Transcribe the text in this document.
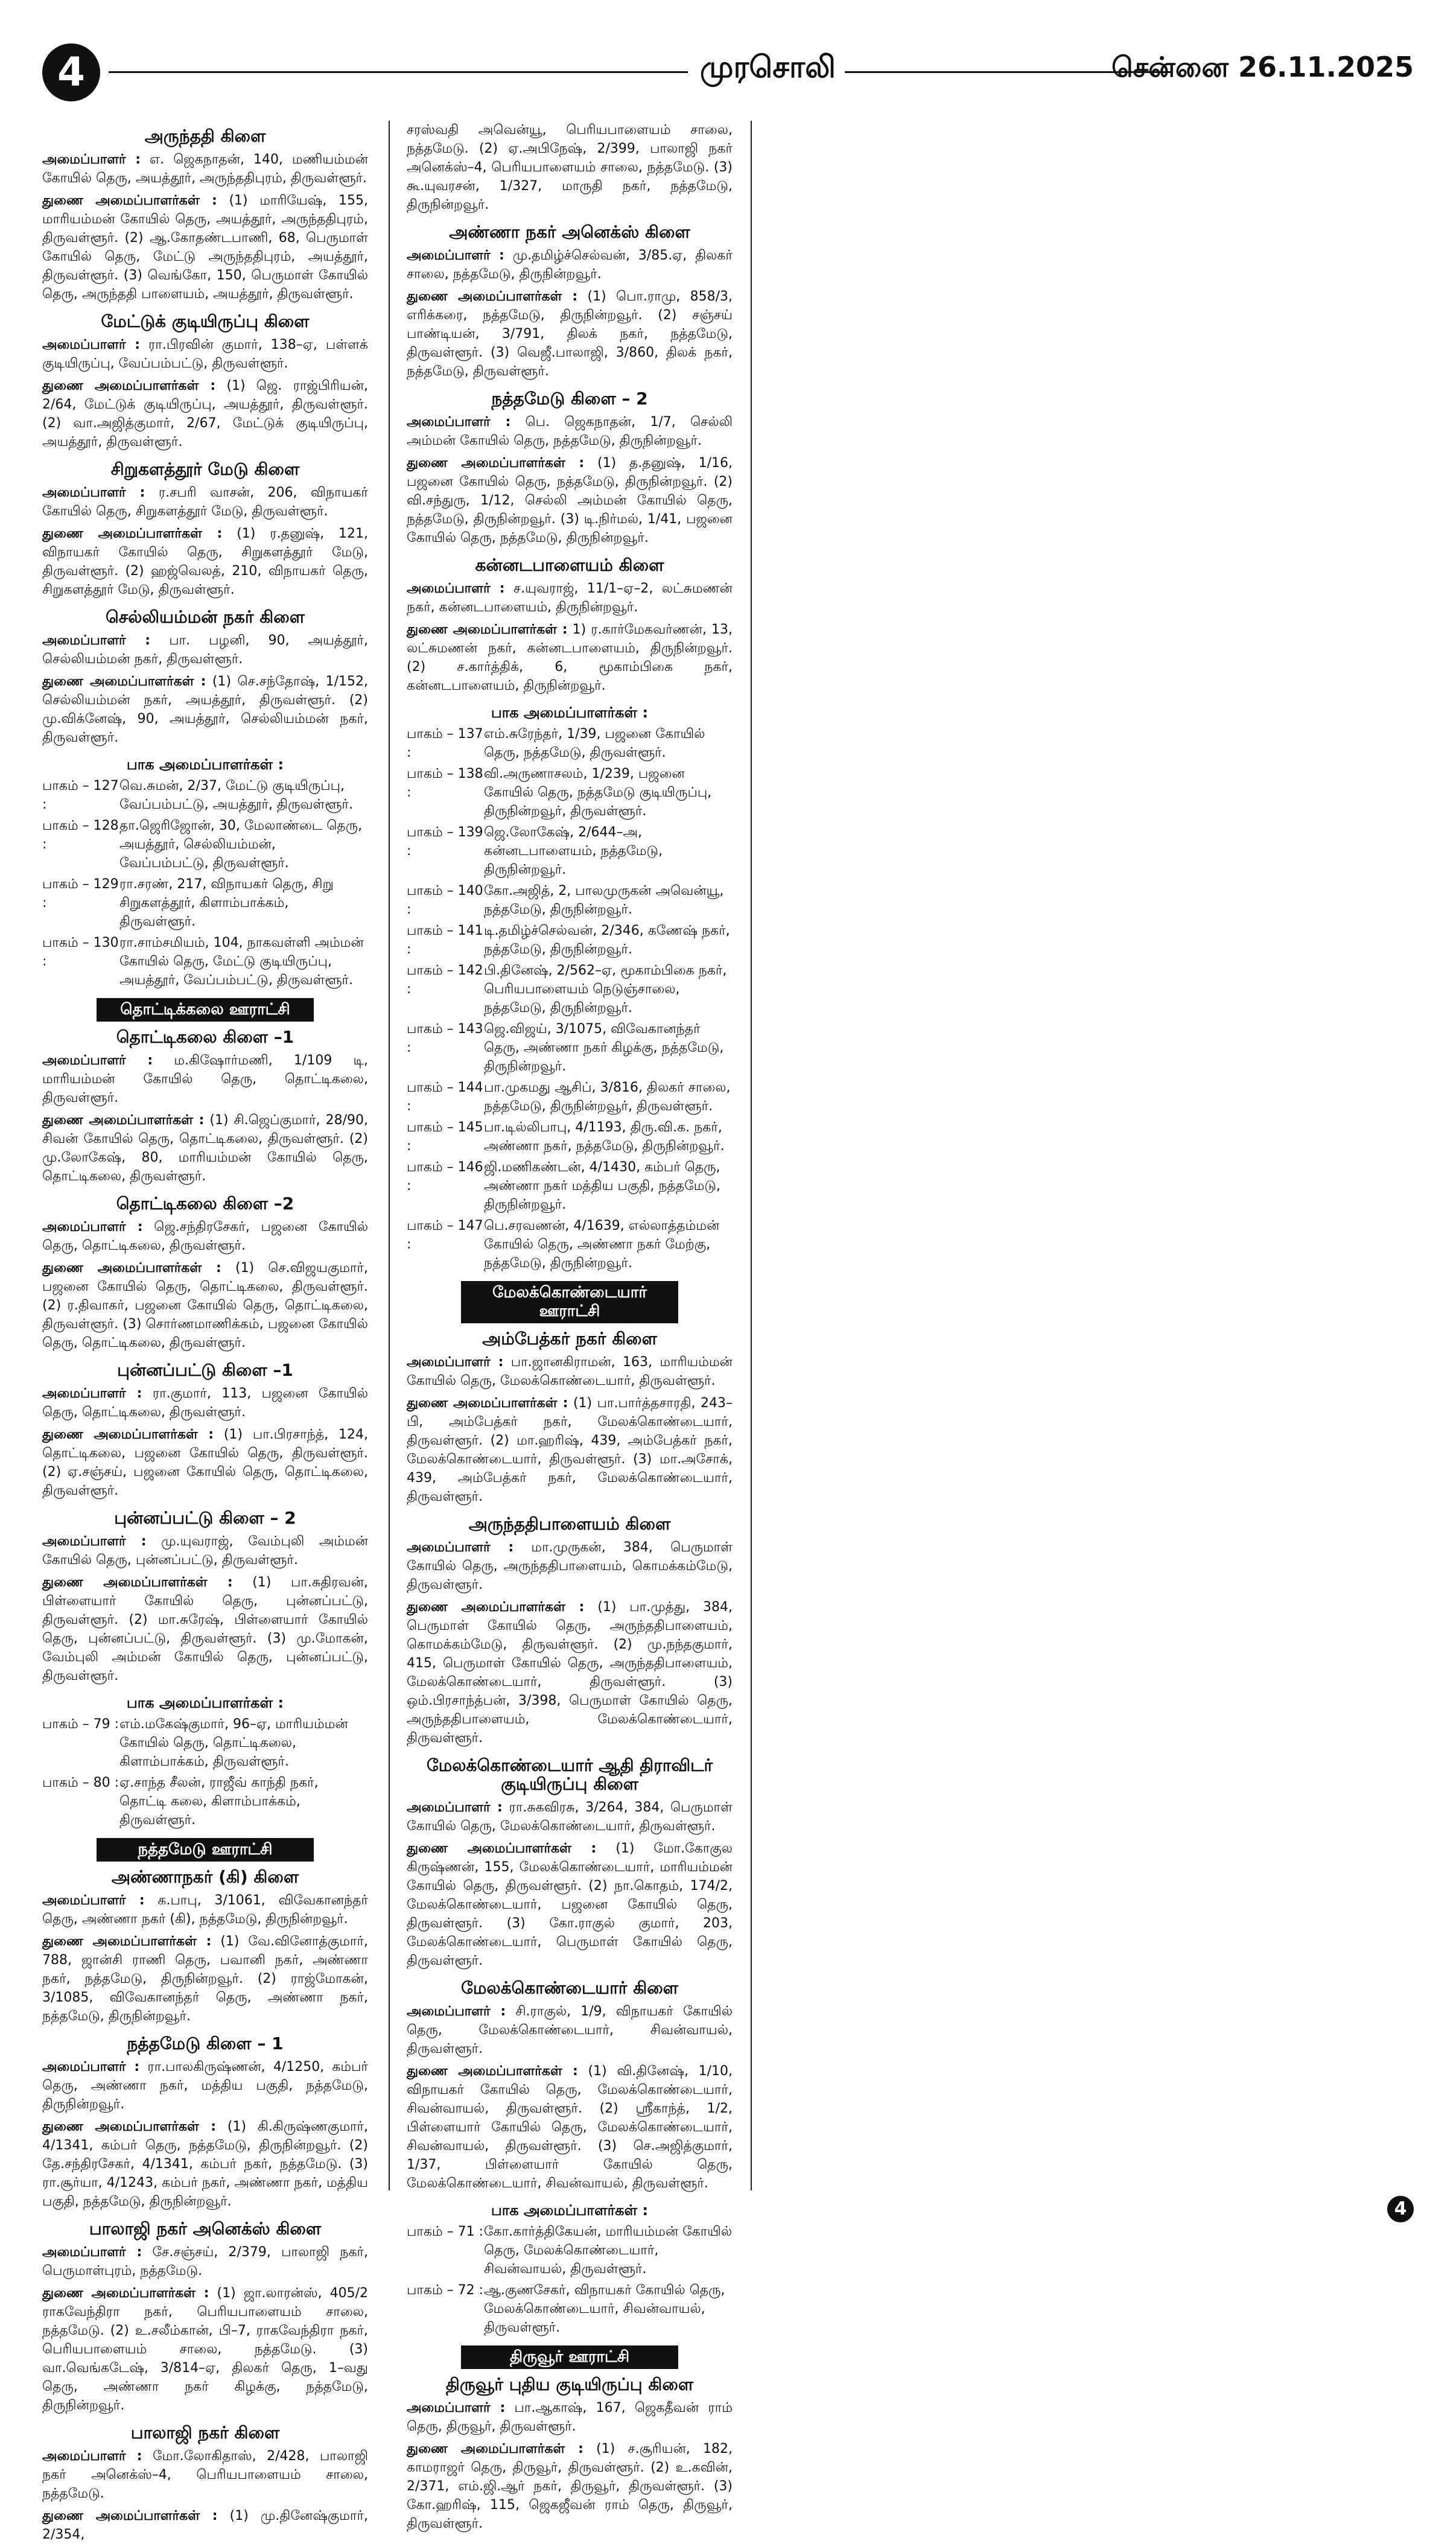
4	முரசொலி	சென்னை 26.11.2025
அருந்ததி கிளை
அமைப்பாளர் : எ. ஜெகநாதன், 140, மணியம்மன் கோயில் தெரு, அயத்தூர், அருந்ததிபுரம், திருவள்ளூர்.
துணை அமைப்பாளர்கள் : (1) மாரியேஷ், 155, மாரியம்மன் கோயில் தெரு, அயத்தூர், அருந்ததிபுரம், திருவள்ளூர். (2) ஆ.கோதண்டபாணி, 68, பெருமாள் கோயில் தெரு, மேட்டு அருந்ததிபுரம், அயத்தூர், திருவள்ளூர். (3) வெங்கோ, 150, பெருமாள் கோயில் தெரு, அருந்ததி பாளையம், அயத்தூர், திருவள்ளூர்.
மேட்டுக் குடியிருப்பு கிளை
அமைப்பாளர் : ரா.பிரவின் குமார், 138–ஏ, பள்ளக் குடியிருப்பு, வேப்பம்பட்டு, திருவள்ளூர்.
துணை அமைப்பாளர்கள் : (1) ஜெ. ராஜ்பிரியன், 2/64, மேட்டுக் குடியிருப்பு, அயத்தூர், திருவள்ளூர். (2) வா.அஜித்குமார், 2/67, மேட்டுக் குடியிருப்பு, அயத்தூர், திருவள்ளூர்.
சிறுகளத்தூர் மேடு கிளை
அமைப்பாளர் : ர.சபரி வாசன், 206, விநாயகர் கோயில் தெரு, சிறுகளத்தூர் மேடு, திருவள்ளூர்.
துணை அமைப்பாளர்கள் : (1) ர.தனுஷ், 121, விநாயகர் கோயில் தெரு, சிறுகளத்தூர் மேடு, திருவள்ளூர். (2) ஹஜ்வெலத், 210, விநாயகர் தெரு, சிறுகளத்தூர் மேடு, திருவள்ளூர்.
செல்லியம்மன் நகர் கிளை
அமைப்பாளர் : பா. பழனி, 90, அயத்தூர், செல்லியம்மன் நகர், திருவள்ளூர்.
துணை அமைப்பாளர்கள் : (1) செ.சந்தோஷ், 1/152, செல்லியம்மன் நகர், அயத்தூர், திருவள்ளூர். (2) மு.விக்னேஷ், 90, அயத்தூர், செல்லியம்மன் நகர், திருவள்ளூர்.
பாக அமைப்பாளர்கள் :
பாகம் – 127 :
வெ.சுமன், 2/37, மேட்டு குடியிருப்பு, வேப்பம்பட்டு, அயத்தூர், திருவள்ளூர்.
பாகம் – 128 :
தா.ஜெரிஜோன், 30, மேலாண்டை தெரு, அயத்தூர், செல்லியம்மன், வேப்பம்பட்டு, திருவள்ளூர்.
பாகம் – 129 :
ரா.சரண், 217, விநாயகர் தெரு, சிறு சிறுகளத்தூர், கிளாம்பாக்கம், திருவள்ளூர்.
பாகம் – 130 :
ரா.சாம்சமியம், 104, நாகவள்ளி அம்மன் கோயில் தெரு, மேட்டு குடியிருப்பு, அயத்தூர், வேப்பம்பட்டு, திருவள்ளூர்.
தொட்டிக்கலை ஊராட்சி
தொட்டிகலை கிளை –1
அமைப்பாளர் : ம.கிஷோர்மணி, 1/109 டி, மாரியம்மன் கோயில் தெரு, தொட்டிகலை, திருவள்ளூர்.
துணை அமைப்பாளர்கள் : (1) சி.ஜெப்குமார், 28/90, சிவன் கோயில் தெரு, தொட்டிகலை, திருவள்ளூர். (2) மு.லோகேஷ், 80, மாரியம்மன் கோயில் தெரு, தொட்டிகலை, திருவள்ளூர்.
தொட்டிகலை கிளை –2
அமைப்பாளர் : ஜெ.சந்திரசேகர், பஜனை கோயில் தெரு, தொட்டிகலை, திருவள்ளூர்.
துணை அமைப்பாளர்கள் : (1) செ.விஜயகுமார், பஜனை கோயில் தெரு, தொட்டிகலை, திருவள்ளூர். (2) ர.திவாகர், பஜனை கோயில் தெரு, தொட்டிகலை, திருவள்ளூர். (3) சொர்ணமாணிக்கம், பஜனை கோயில் தெரு, தொட்டிகலை, திருவள்ளூர்.
புன்னப்பட்டு கிளை –1
அமைப்பாளர் : ரா.குமார், 113, பஜனை கோயில் தெரு, தொட்டிகலை, திருவள்ளூர்.
துணை அமைப்பாளர்கள் : (1) பா.பிரசாந்த், 124, தொட்டிகலை, பஜனை கோயில் தெரு, திருவள்ளூர். (2) ஏ.சஞ்சய், பஜனை கோயில் தெரு, தொட்டிகலை, திருவள்ளூர்.
புன்னப்பட்டு கிளை – 2
அமைப்பாளர் : மு.யுவராஜ், வேம்புலி அம்மன் கோயில் தெரு, புன்னப்பட்டு, திருவள்ளூர்.
துணை அமைப்பாளர்கள் : (1) பா.சுதிரவன், பிள்ளையார் கோயில் தெரு, புன்னப்பட்டு, திருவள்ளூர். (2) மா.சுரேஷ், பிள்ளையார் கோயில் தெரு, புன்னப்பட்டு, திருவள்ளூர். (3) மு.மோகன், வேம்புலி அம்மன் கோயில் தெரு, புன்னப்பட்டு, திருவள்ளூர்.
பாக அமைப்பாளர்கள் :
பாகம் – 79 : எம்.மகேஷ்குமார், 96–ஏ, மாரியம்மன் கோயில் தெரு, தொட்டிகலை, கிளாம்பாக்கம், திருவள்ளூர்.
பாகம் – 80 : ஏ.சாந்த சீலன், ராஜீவ் காந்தி நகர், தொட்டி கலை, கிளாம்பாக்கம், திருவள்ளூர்.
நத்தமேடு ஊராட்சி
அண்ணாநகர் (கி) கிளை
அமைப்பாளர் : க.பாபு, 3/1061, விவேகானந்தர் தெரு, அண்ணா நகர் (கி), நத்தமேடு, திருநின்றவூர்.
துணை அமைப்பாளர்கள் : (1) வே.வினோத்குமார், 788, ஜான்சி ராணி தெரு, பவானி நகர், அண்ணா நகர், நத்தமேடு, திருநின்றவூர். (2) ராஜ்மோகன், 3/1085, விவேகானந்தர் தெரு, அண்ணா நகர், நத்தமேடு, திருநின்றவூர்.
நத்தமேடு கிளை – 1
அமைப்பாளர் : ரா.பாலகிருஷ்ணன், 4/1250, கம்பர் தெரு, அண்ணா நகர், மத்திய பகுதி, நத்தமேடு, திருநின்றவூர்.
துணை அமைப்பாளர்கள் : (1) கி.கிருஷ்ணகுமார், 4/1341, கம்பர் தெரு, நத்தமேடு, திருநின்றவூர். (2) தே.சந்திரசேகர், 4/1341, கம்பர் நகர், நத்தமேடு. (3) ரா.சூர்யா, 4/1243, கம்பர் நகர், அண்ணா நகர், மத்திய பகுதி, நத்தமேடு, திருநின்றவூர்.
பாலாஜி நகர் அனெக்ஸ் கிளை
அமைப்பாளர் : சே.சஞ்சய், 2/379, பாலாஜி நகர், பெருமாள்புரம், நத்தமேடு.
துணை அமைப்பாளர்கள் : (1) ஜா.லாரன்ஸ், 405/2 ராகவேந்திரா நகர், பெரியபாளையம் சாலை, நத்தமேடு. (2) உ.சலீம்கான், பி–7, ராகவேந்திரா நகர், பெரியபாளையம் சாலை, நத்தமேடு. (3) வா.வெங்கடேஷ், 3/814–ஏ, திலகர் தெரு, 1–வது தெரு, அண்ணா நகர் கிழக்கு, நத்தமேடு, திருநின்றவூர்.
பாலாஜி நகர் கிளை
அமைப்பாளர் : மோ.லோகிதாஸ், 2/428, பாலாஜி நகர் அனெக்ஸ்–4, பெரியபாளையம் சாலை, நத்தமேடு.
துணை அமைப்பாளர்கள் : (1) மு.தினேஷ்குமார், 2/354,
சரஸ்வதி அவென்யூ, பெரியபாளையம் சாலை, நத்தமேடு. (2) ஏ.அபிநேஷ், 2/399, பாலாஜி நகர் அனெக்ஸ்–4, பெரியபாளையம் சாலை, நத்தமேடு. (3) கூ.யுவரசன், 1/327, மாருதி நகர், நத்தமேடு, திருநின்றவூர்.
அண்ணா நகர் அனெக்ஸ் கிளை
அமைப்பாளர் : மு.தமிழ்ச்செல்வன், 3/85.ஏ, திலகர் சாலை, நத்தமேடு, திருநின்றவூர்.
துணை அமைப்பாளர்கள் : (1) பொ.ராமு, 858/3, எரிக்கரை, நத்தமேடு, திருநின்றவூர். (2) சஞ்சய் பாண்டியன், 3/791, திலக் நகர், நத்தமேடு, திருவள்ளூர். (3) வெஜீ.பாலாஜி, 3/860, திலக் நகர், நத்தமேடு, திருவள்ளூர்.
நத்தமேடு கிளை – 2
அமைப்பாளர் : பெ. ஜெகநாதன், 1/7, செல்லி அம்மன் கோயில் தெரு, நத்தமேடு, திருநின்றவூர்.
துணை அமைப்பாளர்கள் : (1) த.தனுஷ், 1/16, பஜனை கோயில் தெரு, நத்தமேடு, திருநின்றவூர். (2) வி.சந்துரு, 1/12, செல்லி அம்மன் கோயில் தெரு, நத்தமேடு, திருநின்றவூர். (3) டி.நிர்மல், 1/41, பஜனை கோயில் தெரு, நத்தமேடு, திருநின்றவூர்.
கன்னடபாளையம் கிளை
அமைப்பாளர் : ச.யுவராஜ், 11/1–ஏ–2, லட்சுமணன் நகர், கன்னடபாளையம், திருநின்றவூர்.
துணை அமைப்பாளர்கள் : 1) ர.கார்மேகவர்ணன், 13, லட்சுமணன் நகர், கன்னடபாளையம், திருநின்றவூர். (2) ச.கார்த்திக், 6, மூகாம்பிகை நகர், கன்னடபாளையம், திருநின்றவூர்.
பாக அமைப்பாளர்கள் :
பாகம் – 137 :
எம்.சுரேந்தர், 1/39, பஜனை கோயில் தெரு, நத்தமேடு, திருவள்ளூர்.
பாகம் – 138 :
வி.அருணாசலம், 1/239, பஜனை கோயில் தெரு, நத்தமேடு குடியிருப்பு, திருநின்றவூர், திருவள்ளூர்.
பாகம் – 139 :
ஜெ.லோகேஷ், 2/644–அ, கன்னடபாளையம், நத்தமேடு, திருநின்றவூர்.
பாகம் – 140 :
கோ.அஜித், 2, பாலமுருகன் அவென்யூ, நத்தமேடு, திருநின்றவூர்.
பாகம் – 141 :
டி.தமிழ்ச்செல்வன், 2/346, கணேஷ் நகர், நத்தமேடு, திருநின்றவூர்.
பாகம் – 142 :
பி.தினேஷ், 2/562–ஏ, மூகாம்பிகை நகர், பெரியபாளையம் நெடுஞ்சாலை, நத்தமேடு, திருநின்றவூர்.
பாகம் – 143 :
ஜெ.விஜய், 3/1075, விவேகானந்தர் தெரு, அண்ணா நகர் கிழக்கு, நத்தமேடு, திருநின்றவூர்.
பாகம் – 144 :
பா.முகமது ஆசிப், 3/816, திலகர் சாலை, நத்தமேடு, திருநின்றவூர், திருவள்ளூர்.
பாகம் – 145 :
பா.டில்லிபாபு, 4/1193, திரு.வி.க. நகர், அண்ணா நகர், நத்தமேடு, திருநின்றவூர்.
பாகம் – 146 :
ஜி.மணிகண்டன், 4/1430, கம்பர் தெரு, அண்ணா நகர் மத்திய பகுதி, நத்தமேடு, திருநின்றவூர்.
பாகம் – 147 :
பெ.சரவணன், 4/1639, எல்லாத்தம்மன் கோயில் தெரு, அண்ணா நகர் மேற்கு, நத்தமேடு, திருநின்றவூர்.
மேலக்கொண்டையார் ஊராட்சி
அம்பேத்கர் நகர் கிளை
அமைப்பாளர் : பா.ஜானகிராமன், 163, மாரியம்மன் கோயில் தெரு, மேலக்கொண்டையார், திருவள்ளூர்.
துணை அமைப்பாளர்கள் : (1) பா.பார்த்தசாரதி, 243–பி, அம்பேத்கர் நகர், மேலக்கொண்டையார், திருவள்ளூர். (2) மா.ஹரிஷ், 439, அம்பேத்கர் நகர், மேலக்கொண்டையார், திருவள்ளூர். (3) மா.அசோக், 439, அம்பேத்கர் நகர், மேலக்கொண்டையார், திருவள்ளூர்.
அருந்ததிபாளையம் கிளை
அமைப்பாளர் : மா.முருகன், 384, பெருமாள் கோயில் தெரு, அருந்ததிபாளையம், கொமக்கம்மேடு, திருவள்ளூர்.
துணை அமைப்பாளர்கள் : (1) பா.முத்து, 384, பெருமாள் கோயில் தெரு, அருந்ததிபாளையம், கொமக்கம்மேடு, திருவள்ளூர். (2) மு.நந்தகுமார், 415, பெருமாள் கோயில் தெரு, அருந்ததிபாளையம், மேலக்கொண்டையார், திருவள்ளூர். (3) ஒம்.பிரசாந்த்பன், 3/398, பெருமாள் கோயில் தெரு, அருந்ததிபாளையம், மேலக்கொண்டையார், திருவள்ளூர்.
மேலக்கொண்டையார் ஆதி திராவிடர் குடியிருப்பு கிளை
அமைப்பாளர் : ரா.சுகவிரசு, 3/264, 384, பெருமாள் கோயில் தெரு, மேலக்கொண்டையார், திருவள்ளூர்.
துணை அமைப்பாளர்கள் : (1) மோ.கோகுல கிருஷ்ணன், 155, மேலக்கொண்டையார், மாரியம்மன் கோயில் தெரு, திருவள்ளூர். (2) நா.கொதம், 174/2, மேலக்கொண்டையார், பஜனை கோயில் தெரு, திருவள்ளூர். (3) கோ.ராகுல் குமார், 203, மேலக்கொண்டையார், பெருமாள் கோயில் தெரு, திருவள்ளூர்.
மேலக்கொண்டையார் கிளை
அமைப்பாளர் : சி.ராகுல், 1/9, விநாயகர் கோயில் தெரு, மேலக்கொண்டையார், சிவன்வாயல், திருவள்ளூர்.
துணை அமைப்பாளர்கள் : (1) வி.தினேஷ், 1/10, விநாயகர் கோயில் தெரு, மேலக்கொண்டையார், சிவன்வாயல், திருவள்ளூர். (2) ஸ்ரீகாந்த், 1/2, பிள்ளையார் கோயில் தெரு, மேலக்கொண்டையார், சிவன்வாயல், திருவள்ளூர். (3) செ.அஜித்குமார், 1/37, பிள்ளையார் கோயில் தெரு, மேலக்கொண்டையார், சிவன்வாயல், திருவள்ளூர்.
பாக அமைப்பாளர்கள் :
பாகம் – 71 : கோ.கார்த்திகேயன், மாரியம்மன் கோயில் தெரு, மேலக்கொண்டையார், சிவன்வாயல், திருவள்ளூர்.
பாகம் – 72 : ஆ.குணசேகர், விநாயகர் கோயில் தெரு, மேலக்கொண்டையார், சிவன்வாயல், திருவள்ளூர்.
திருவூர் ஊராட்சி
திருவூர் புதிய குடியிருப்பு கிளை
அமைப்பாளர் : பா.ஆகாஷ், 167, ஜெகதீவன் ராம் தெரு, திருவூர், திருவள்ளூர்.
துணை அமைப்பாளர்கள் : (1) ச.சூரியன், 182, காமராஜர் தெரு, திருவூர், திருவள்ளூர். (2) உ.கவின், 2/371, எம்.ஜி.ஆர் நகர், திருவூர், திருவள்ளூர். (3) கோ.ஹரிஷ், 115, ஜெகஜீவன் ராம் தெரு, திருவூர், திருவள்ளூர்.
4
